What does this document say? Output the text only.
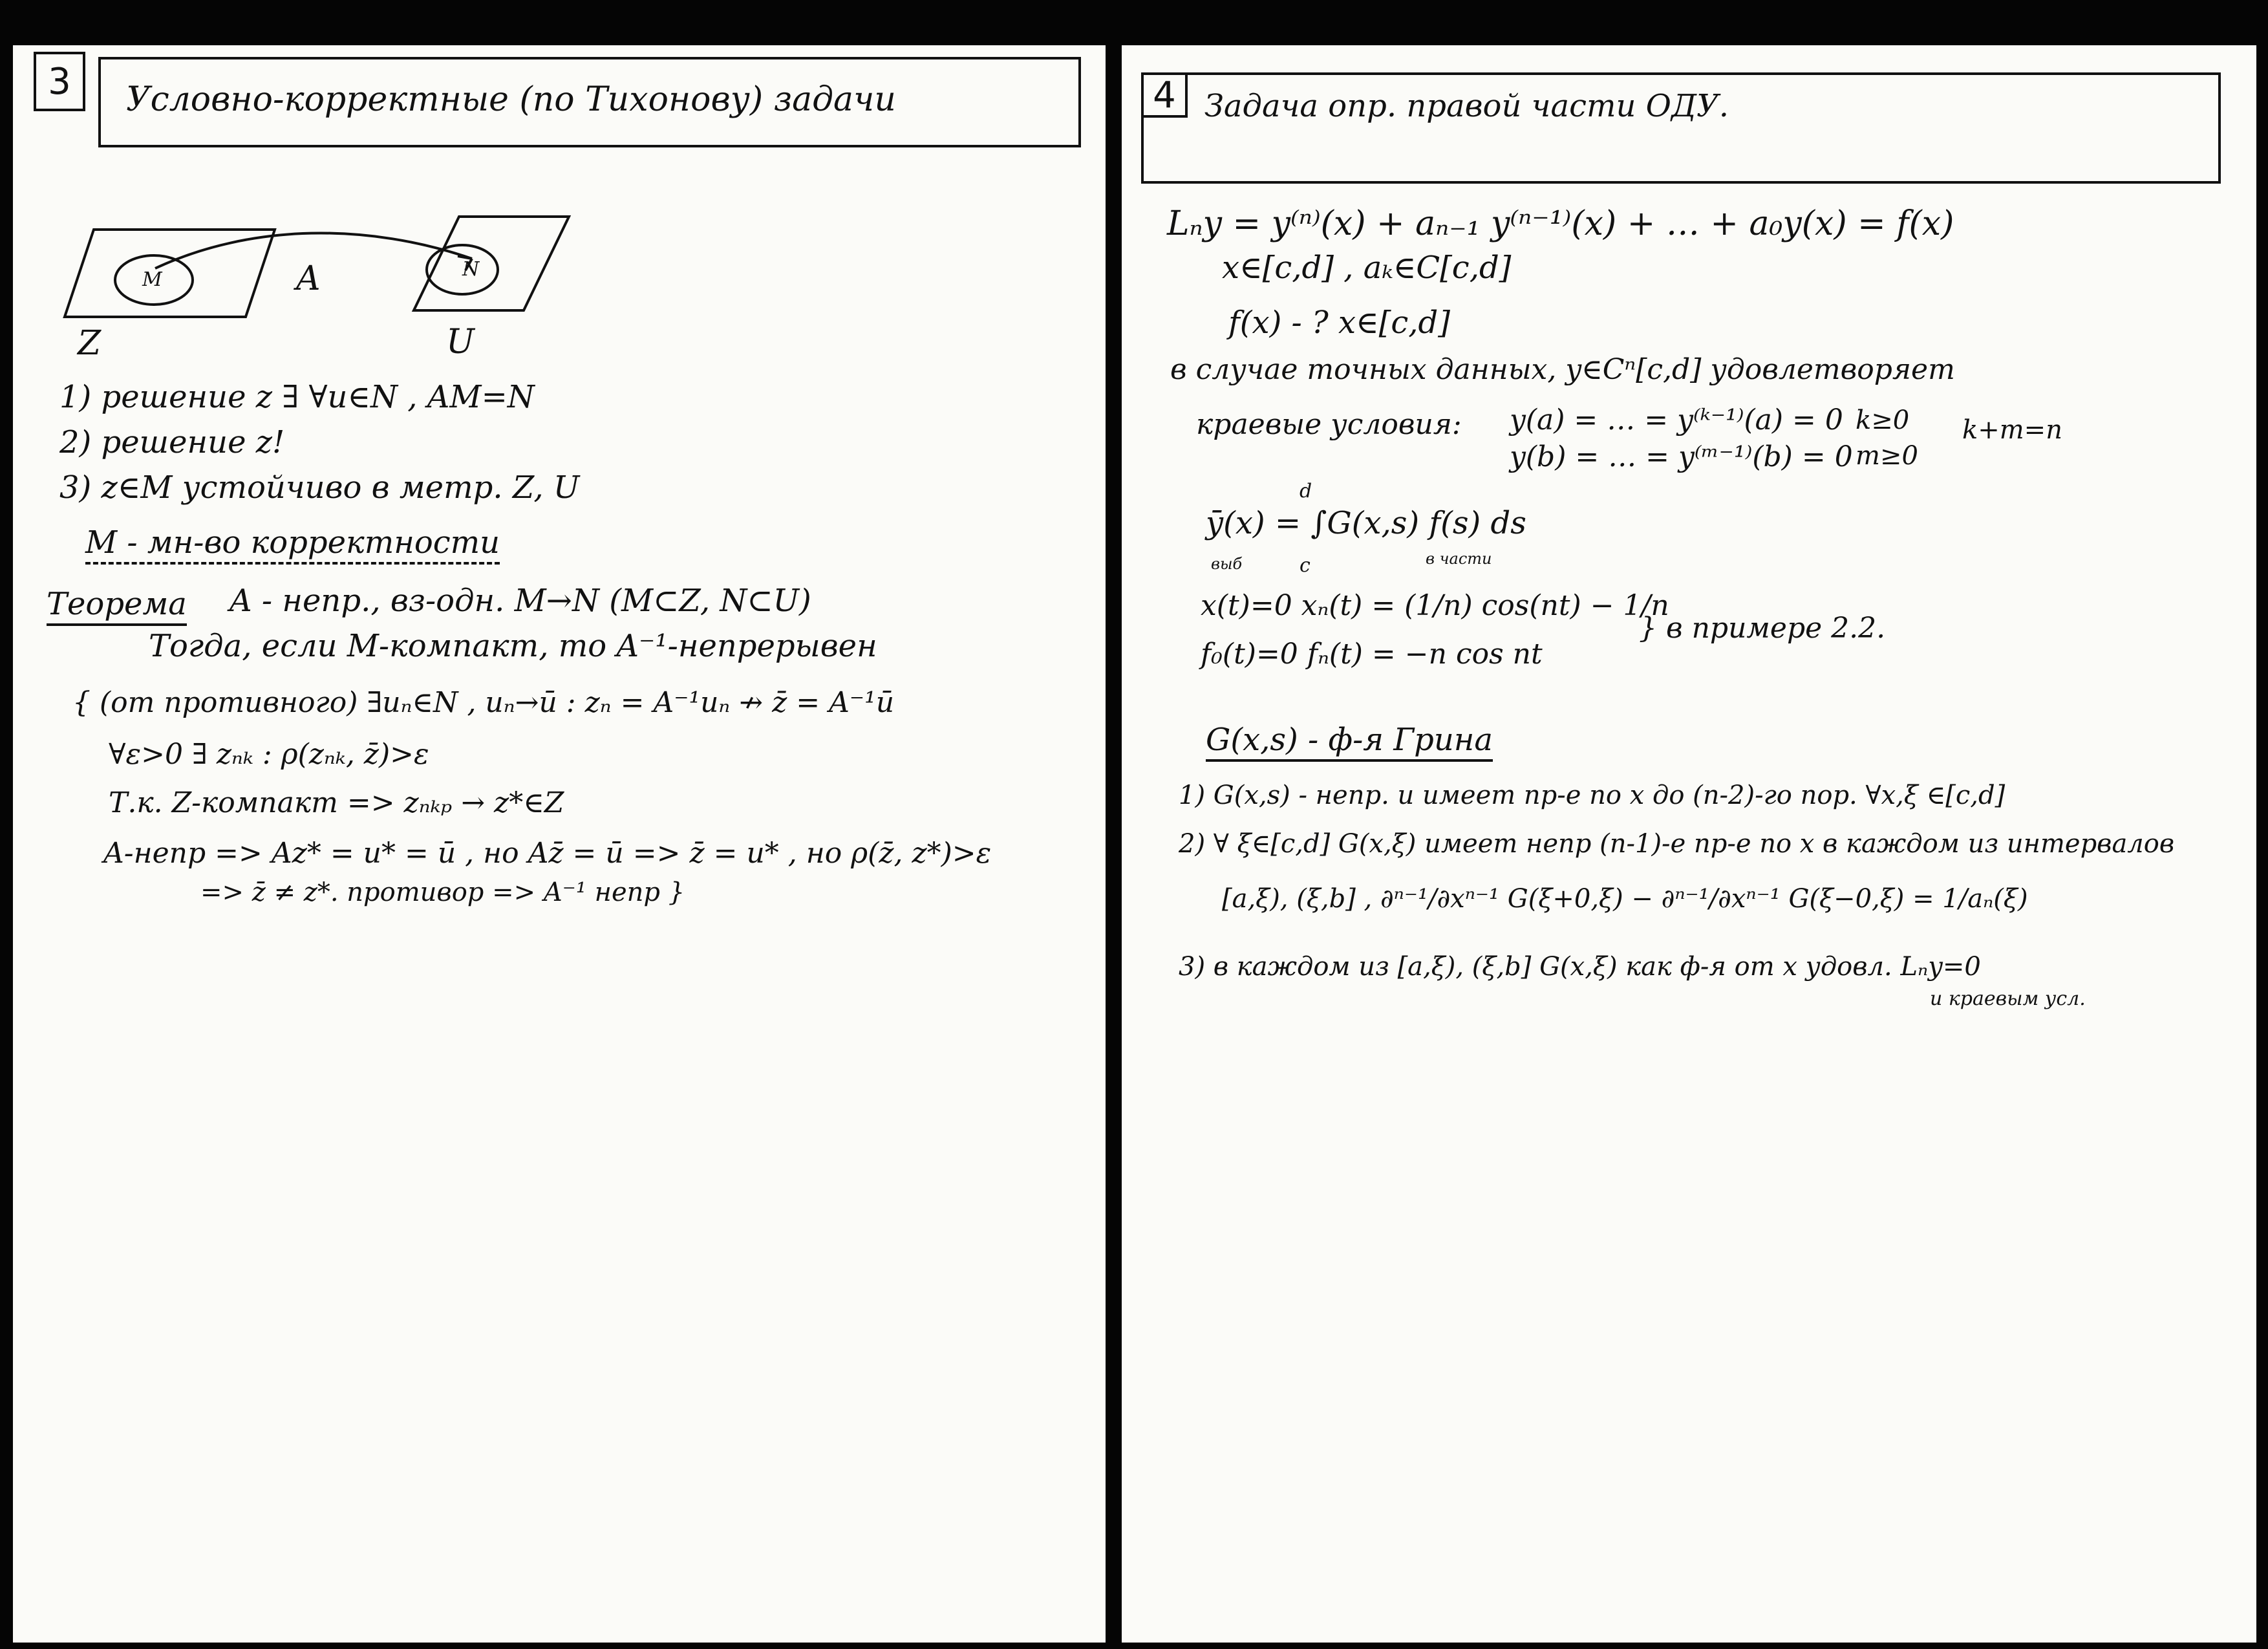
3 Условно-корректные (по Тихонову) задачи
M	N
A
Z	U
1) решение z ∃ ∀u∈N , AM=N
2) решение z!
3) z∈M устойчиво в метр. Z, U
M - мн-во корректности
Теорема A - непр., вз-одн. M→N (M⊂Z, N⊂U)
Тогда, если M-компакт, то A⁻¹-непрерывен
{ (от противного) ∃uₙ∈N , uₙ→ū : zₙ = A⁻¹uₙ ↛ z̄ = A⁻¹ū
∀ε>0 ∃ zₙₖ : ρ(zₙₖ, z̄)>ε
Т.к. Z-компакт => zₙₖₚ → z*∈Z
A-непр => Az* = u* = ū , но Az̄ = ū => z̄ = u* , но ρ(z̄, z*)>ε
=> z̄ ≠ z*. противор => A⁻¹ непр }
4 Задача опр. правой части ОДУ.
Lₙy = y⁽ⁿ⁾(x) + aₙ₋₁ y⁽ⁿ⁻¹⁾(x) + … + a₀y(x) = f(x)
x∈[c,d] , aₖ∈C[c,d]
f(x) - ? x∈[c,d]
в случае точных данных, y∈Cⁿ[c,d] удовлетворяет
краевые условия: y(a) = … = y⁽ᵏ⁻¹⁾(a) = 0
y(b) = … = y⁽ᵐ⁻¹⁾(b) = 0
k≥0
m≥0
k+m=n
d
ȳ(x) = ∫G(x,s) f(s) ds
c
выб	в части
x(t)=0 xₙ(t) = (1/n) cos(nt) − 1/n
f₀(t)=0 fₙ(t) = −n cos nt
} в примере 2.2.
G(x,s) - ф-я Грина
1) G(x,s) - непр. и имеет пр-е по x до (n-2)-го пор. ∀x,ξ ∈[c,d]
2) ∀ ξ∈[c,d] G(x,ξ) имеет непр (n-1)-е пр-е по x в каждом из интервалов
[a,ξ), (ξ,b] , ∂ⁿ⁻¹/∂xⁿ⁻¹ G(ξ+0,ξ) − ∂ⁿ⁻¹/∂xⁿ⁻¹ G(ξ−0,ξ) = 1/aₙ(ξ)
3) в каждом из [a,ξ), (ξ,b] G(x,ξ) как ф-я от x удовл. Lₙy=0
и краевым усл.
